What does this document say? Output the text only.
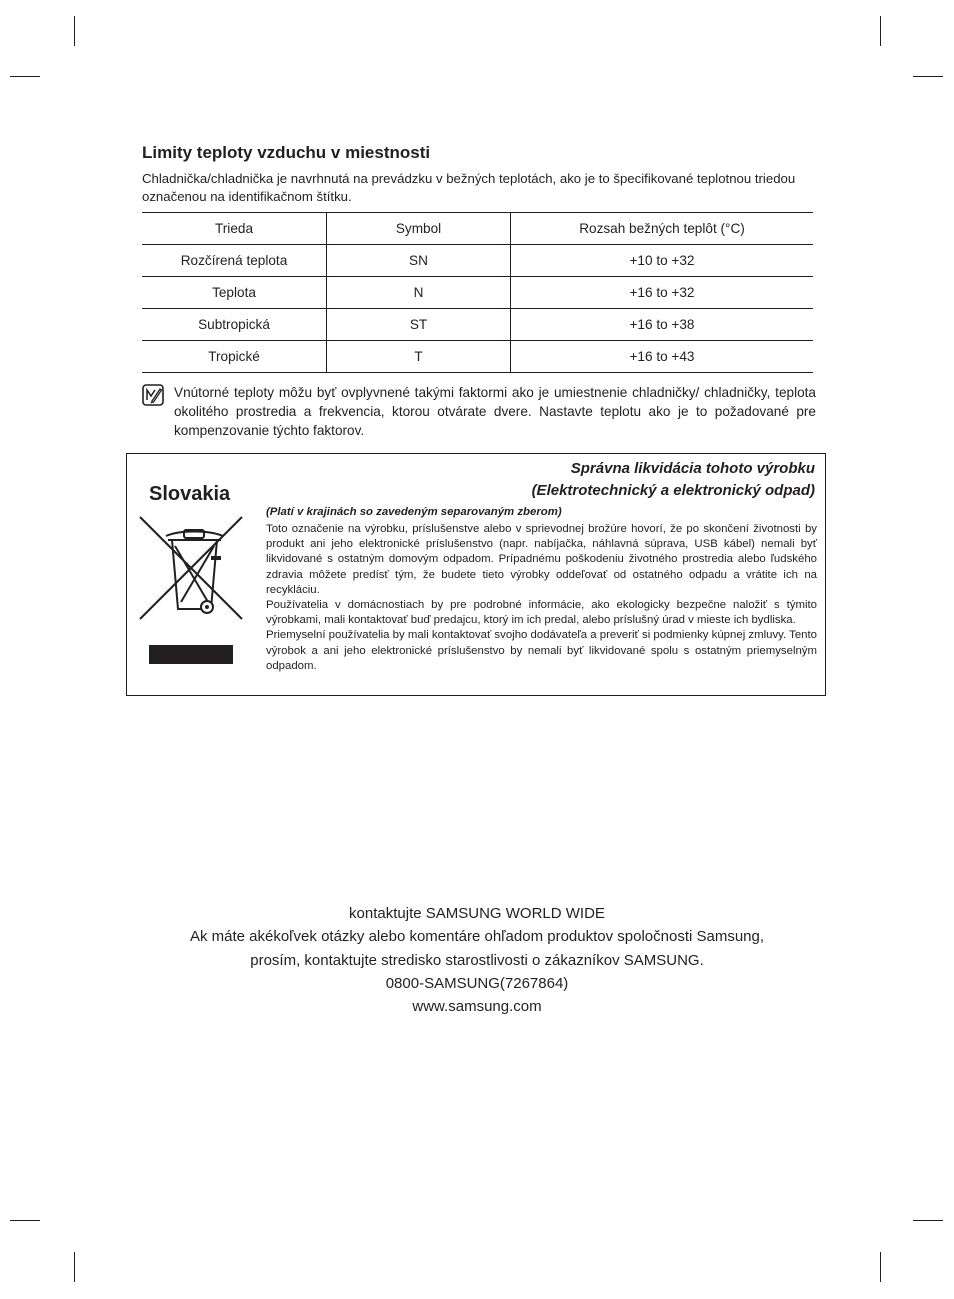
Limity teploty vzduchu v miestnosti

Chladnička/chladnička je navrhnutá na prevádzku v bežných teplotách, ako je to špecifikované teplotnou triedou označenou na identifikačnom štítku.

Trieda	Symbol	Rozsah bežných teplôt (°C)
Rozčírená teplota	SN	+10 to +32
Teplota	N	+16 to +32
Subtropická	ST	+16 to +38
Tropické	T	+16 to +43

Vnútorné teploty môžu byť ovplyvnené takými faktormi ako je umiestnenie chladničky/ chladničky, teplota okolitého prostredia a frekvencia, ktorou otvárate dvere. Nastavte teplotu ako je to požadované pre kompenzovanie týchto faktorov.

Slovakia
Správna likvidácia tohoto výrobku
(Elektrotechnický a elektronický odpad)
(Platí v krajinách so zavedeným separovaným zberom)

Toto označenie na výrobku, príslušenstve alebo v sprievodnej brožúre hovorí, že po skončení životnosti by produkt ani jeho elektronické príslušenstvo (napr. nabíjačka, náhlavná súprava, USB kábel) nemali byť likvidované s ostatným domovým odpadom. Prípadnému poškodeniu životného prostredia alebo ľudského zdravia môžete predísť tým, že budete tieto výrobky oddeľovať od ostatného odpadu a vrátite ich na recykláciu.

Používatelia v domácnostiach by pre podrobné informácie, ako ekologicky bezpečne naložiť s týmito výrobkami, mali kontaktovať buď predajcu, ktorý im ich predal, alebo príslušný úrad v mieste ich bydliska.

Priemyselní používatelia by mali kontaktovať svojho dodávateľa a preveriť si podmienky kúpnej zmluvy. Tento výrobok a ani jeho elektronické príslušenstvo by nemali byť likvidované spolu s ostatným priemyselným odpadom.

kontaktujte SAMSUNG WORLD WIDE
Ak máte akékoľvek otázky alebo komentáre ohľadom produktov spoločnosti Samsung,
prosím, kontaktujte stredisko starostlivosti o zákazníkov SAMSUNG.
0800-SAMSUNG(7267864)
www.samsung.com
